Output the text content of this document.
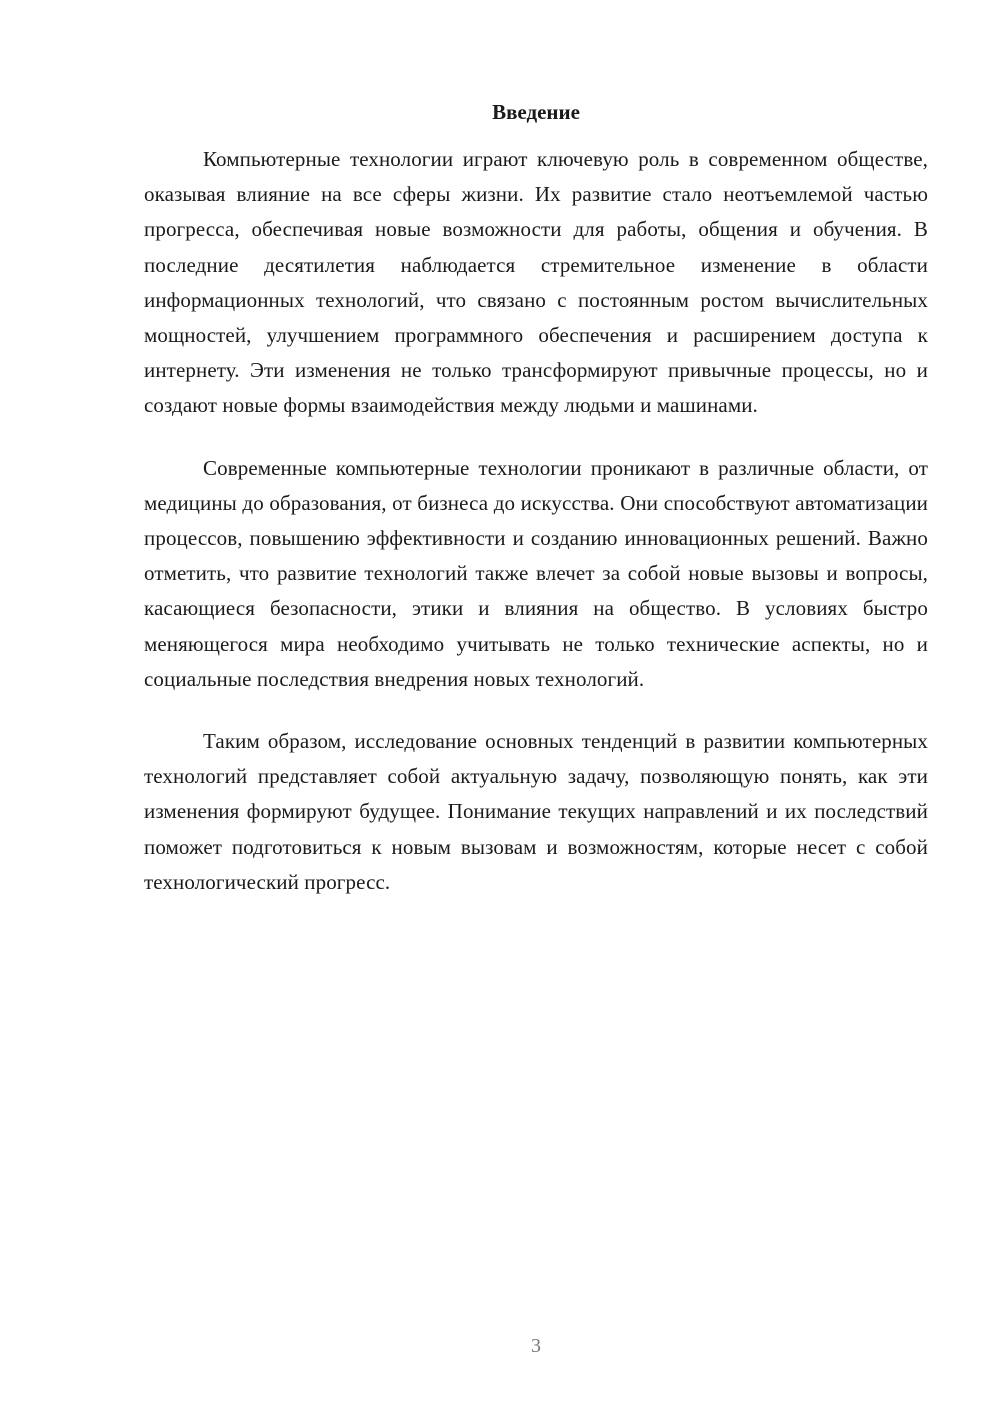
Введение

Компьютерные технологии играют ключевую роль в современном обществе, оказывая влияние на все сферы жизни. Их развитие стало неотъемлемой частью прогресса, обеспечивая новые возможности для работы, общения и обучения. В последние десятилетия наблюдается стремительное изменение в области информационных технологий, что связано с постоянным ростом вычислительных мощностей, улучшением программного обеспечения и расширением доступа к интернету. Эти изменения не только трансформируют привычные процессы, но и создают новые формы взаимодействия между людьми и машинами.

Современные компьютерные технологии проникают в различные области, от медицины до образования, от бизнеса до искусства. Они способствуют автоматизации процессов, повышению эффективности и созданию инновационных решений. Важно отметить, что развитие технологий также влечет за собой новые вызовы и вопросы, касающиеся безопасности, этики и влияния на общество. В условиях быстро меняющегося мира необходимо учитывать не только технические аспекты, но и социальные последствия внедрения новых технологий.

Таким образом, исследование основных тенденций в развитии компьютерных технологий представляет собой актуальную задачу, позволяющую понять, как эти изменения формируют будущее. Понимание текущих направлений и их последствий поможет подготовиться к новым вызовам и возможностям, которые несет с собой технологический прогресс.

3
